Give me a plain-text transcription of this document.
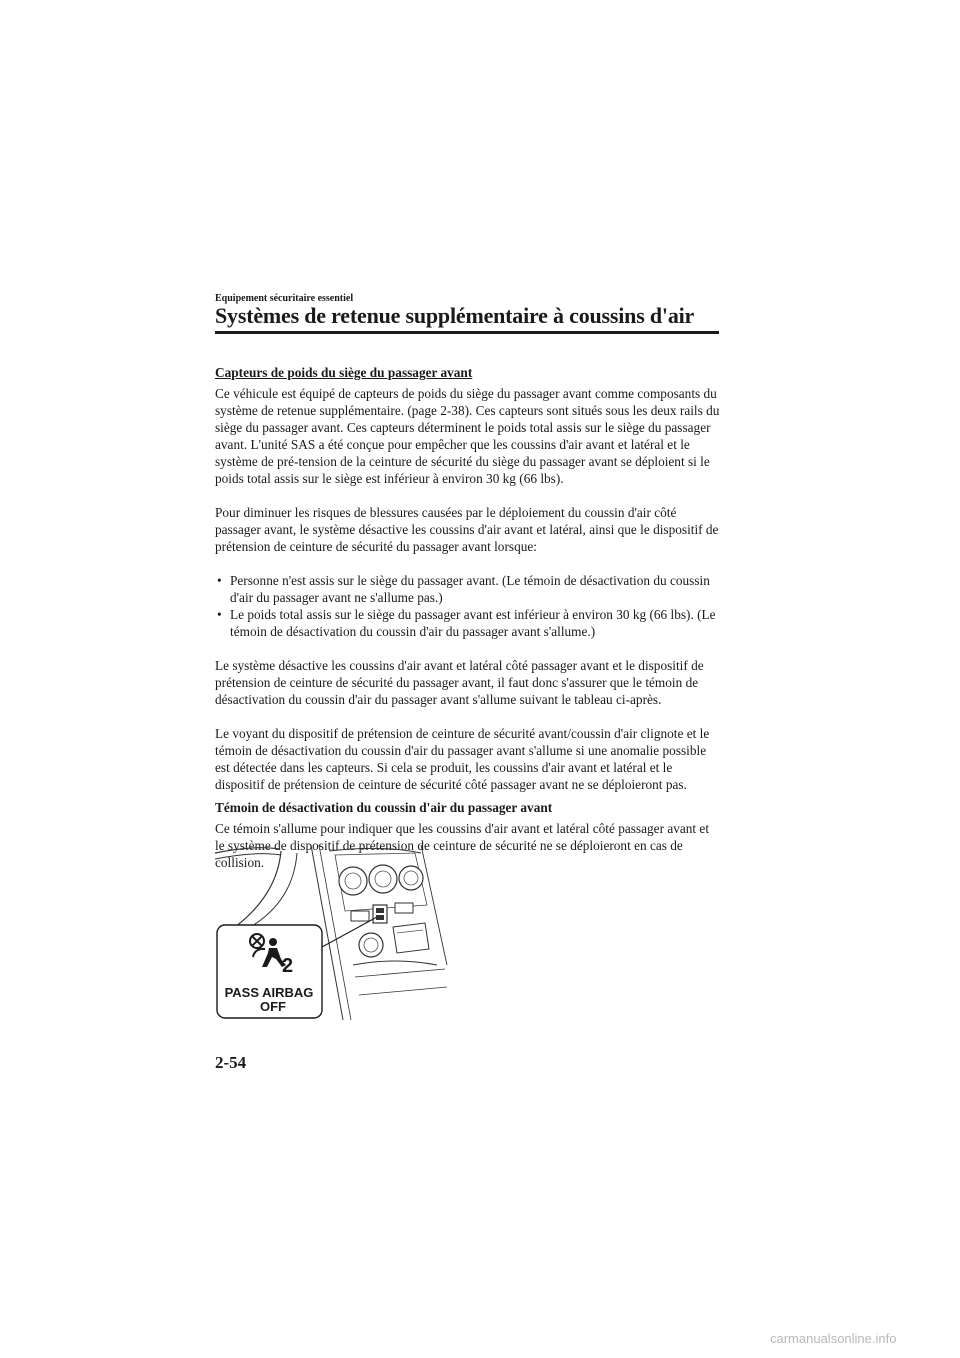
Equipement sécuritaire essentiel
Systèmes de retenue supplémentaire à coussins d'air
Capteurs de poids du siège du passager avant

Ce véhicule est équipé de capteurs de poids du siège du passager avant comme composants du système de retenue supplémentaire. (page 2-38). Ces capteurs sont situés sous les deux rails du siège du passager avant. Ces capteurs déterminent le poids total assis sur le siège du passager avant. L'unité SAS a été conçue pour empêcher que les coussins d'air avant et latéral et le système de pré-tension de la ceinture de sécurité du siège du passager avant se déploient si le poids total assis sur le siège est inférieur à environ 30 kg (66 lbs).

Pour diminuer les risques de blessures causées par le déploiement du coussin d'air côté passager avant, le système désactive les coussins d'air avant et latéral, ainsi que le dispositif de prétension de ceinture de sécurité du passager avant lorsque:

• Personne n'est assis sur le siège du passager avant. (Le témoin de désactivation du coussin d'air du passager avant ne s'allume pas.)
• Le poids total assis sur le siège du passager avant est inférieur à environ 30 kg (66 lbs). (Le témoin de désactivation du coussin d'air du passager avant s'allume.)

Le système désactive les coussins d'air avant et latéral côté passager avant et le dispositif de prétension de ceinture de sécurité du passager avant, il faut donc s'assurer que le témoin de désactivation du coussin d'air du passager avant s'allume suivant le tableau ci-après.

Le voyant du dispositif de prétension de ceinture de sécurité avant/coussin d'air clignote et le témoin de désactivation du coussin d'air du passager avant s'allume si une anomalie possible est détectée dans les capteurs. Si cela se produit, les coussins d'air avant et latéral et le dispositif de prétension de ceinture de sécurité côté passager avant ne se déploieront pas.

Témoin de désactivation du coussin d'air du passager avant

Ce témoin s'allume pour indiquer que les coussins d'air avant et latéral côté passager avant et le système de dispositif de prétension de ceinture de sécurité ne se déploieront en cas de collision.

2
PASS AIRBAG
OFF
2-54
carmanualsonline.info
